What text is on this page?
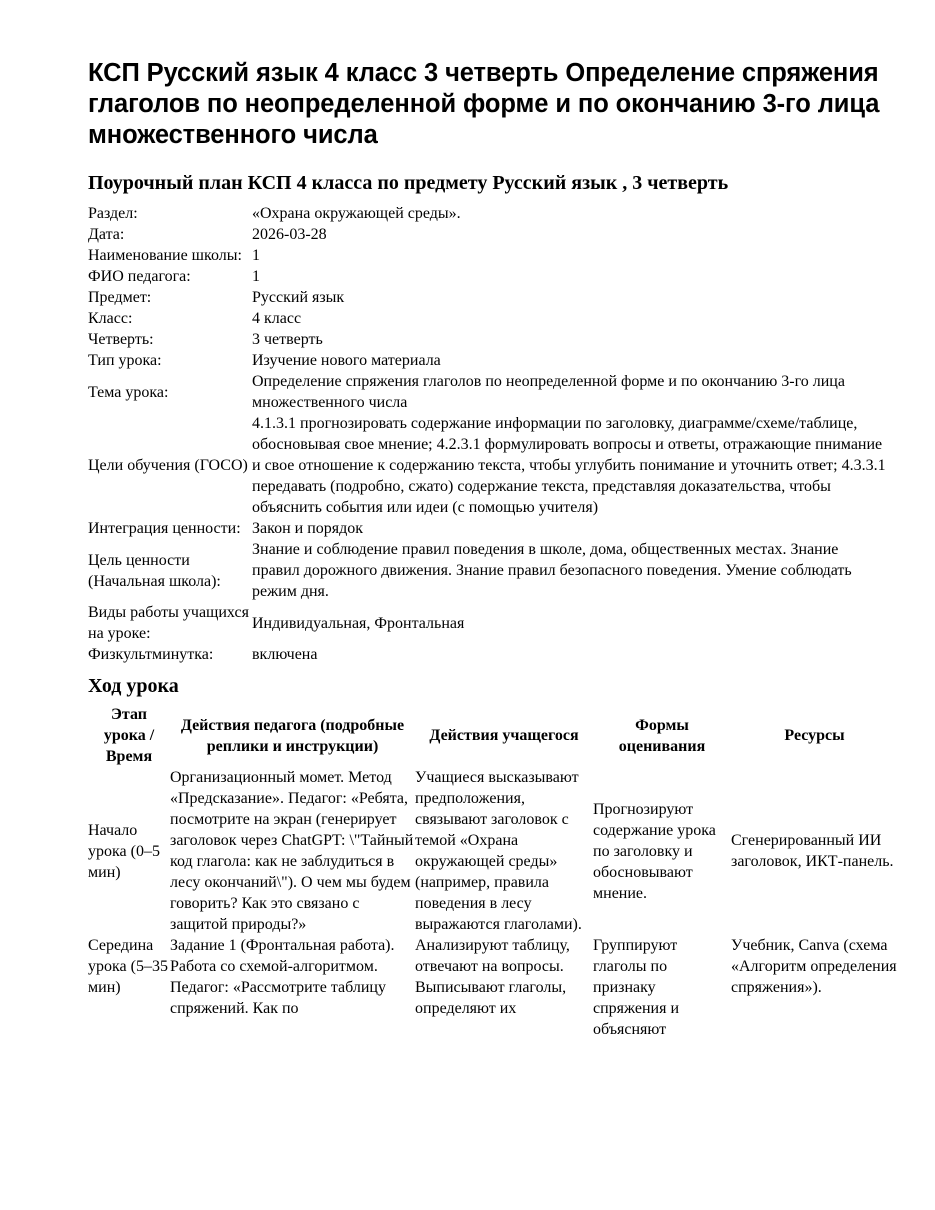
КСП Русский язык 4 класс 3 четверть Определение спряжения глаголов по неопределенной форме и по окончанию 3-го лица множественного числа
Поурочный план КСП 4 класса по предмету Русский язык , 3 четверть
Раздел:	«Охрана окружающей среды».
Дата:	2026-03-28
Наименование школы:	1
ФИО педагога:	1
Предмет:	Русский язык
Класс:	4 класс
Четверть:	3 четверть
Тип урока:	Изучение нового материала
Тема урока:	Определение спряжения глаголов по неопределенной форме и по окончанию 3-го лица множественного числа
Цели обучения (ГОСО)	4.1.3.1 прогнозировать содержание информации по заголовку, диаграмме/схеме/таблице, обосновывая свое мнение; 4.2.3.1 формулировать вопросы и ответы, отражающие пнимание и свое отношение к содержанию текста, чтобы углубить понимание и уточнить ответ; 4.3.3.1 передавать (подробно, сжато) содержание текста, представляя доказательства, чтобы объяснить события или идеи (с помощью учителя)
Интеграция ценности:	Закон и порядок
Цель ценности (Начальная школа):	Знание и соблюдение правил поведения в школе, дома, общественных местах. Знание правил дорожного движения. Знание правил безопасного поведения. Умение соблюдать режим дня.
Виды работы учащихся на уроке:	Индивидуальная, Фронтальная
Физкультминутка:	включена
Ход урока
Этап урока / Время	Действия педагога (подробные реплики и инструкции)	Действия учащегося	Формы оценивания	Ресурсы
Начало урока (0–5 мин)	Организационный момет. Метод «Предсказание». Педагог: «Ребята, посмотрите на экран (генерирует заголовок через ChatGPT: \"Тайный код глагола: как не заблудиться в лесу окончаний\"). О чем мы будем говорить? Как это связано с защитой природы?»	Учащиеся высказывают предположения, связывают заголовок с темой «Охрана окружающей среды» (например, правила поведения в лесу выражаются глаголами).	Прогнозируют содержание урока по заголовку и обосновывают мнение.	Сгенерированный ИИ заголовок, ИКТ-панель.
Середина урока (5–35 мин)	Задание 1 (Фронтальная работа). Работа со схемой-алгоритмом. Педагог: «Рассмотрите таблицу спряжений. Как по	Анализируют таблицу, отвечают на вопросы. Выписывают глаголы, определяют их	Группируют глаголы по признаку спряжения и объясняют	Учебник, Canva (схема «Алгоритм определения спряжения»).
